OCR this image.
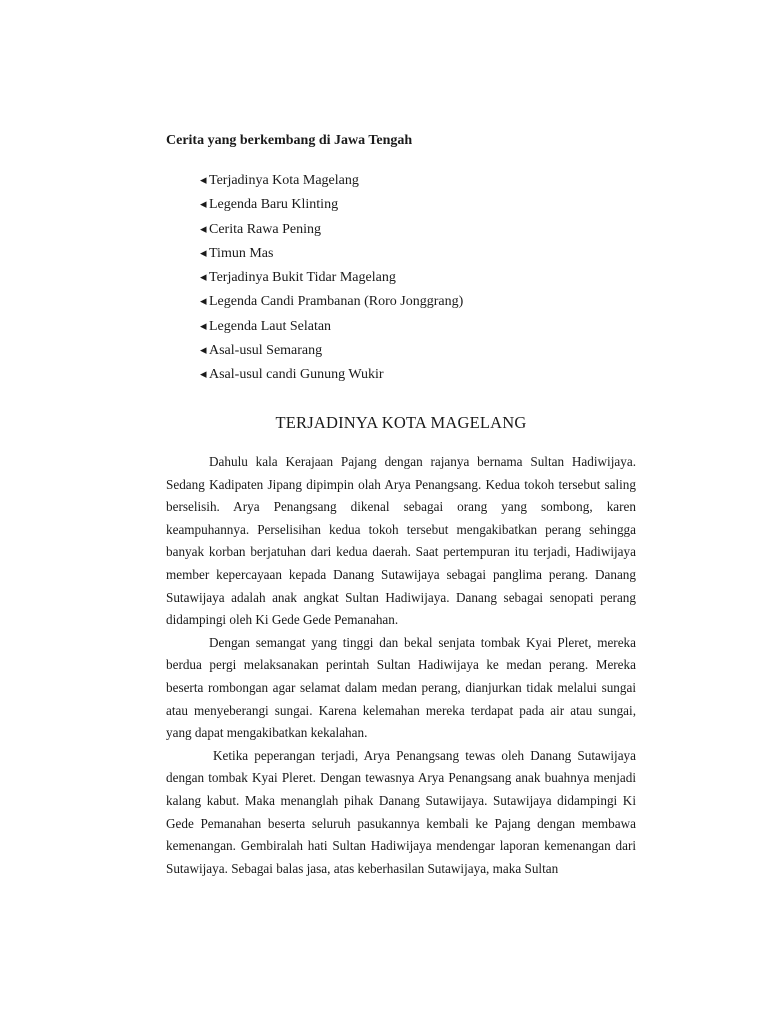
Cerita yang berkembang di Jawa Tengah
◂ Terjadinya Kota Magelang
◂ Legenda Baru Klinting
◂ Cerita Rawa Pening
◂ Timun Mas
◂ Terjadinya Bukit Tidar Magelang
◂ Legenda Candi Prambanan (Roro Jonggrang)
◂ Legenda Laut Selatan
◂ Asal-usul Semarang
◂ Asal-usul candi Gunung Wukir
TERJADINYA KOTA MAGELANG

Dahulu kala Kerajaan Pajang dengan rajanya bernama Sultan Hadiwijaya. Sedang Kadipaten Jipang dipimpin olah Arya Penangsang. Kedua tokoh tersebut saling berselisih. Arya Penangsang dikenal sebagai orang yang sombong, karen keampuhannya. Perselisihan kedua tokoh tersebut mengakibatkan perang sehingga banyak korban berjatuhan dari kedua daerah. Saat pertempuran itu terjadi, Hadiwijaya member kepercayaan kepada Danang Sutawijaya sebagai panglima perang. Danang Sutawijaya adalah anak angkat Sultan Hadiwijaya. Danang sebagai senopati perang didampingi oleh Ki Gede Gede Pemanahan.

Dengan semangat yang tinggi dan bekal senjata tombak Kyai Pleret, mereka berdua pergi melaksanakan perintah Sultan Hadiwijaya ke medan perang. Mereka beserta rombongan agar selamat dalam medan perang, dianjurkan tidak melalui sungai atau menyeberangi sungai. Karena kelemahan mereka terdapat pada air atau sungai, yang dapat mengakibatkan kekalahan.

Ketika peperangan terjadi, Arya Penangsang tewas oleh Danang Sutawijaya dengan tombak Kyai Pleret. Dengan tewasnya Arya Penangsang anak buahnya menjadi kalang kabut. Maka menanglah pihak Danang Sutawijaya. Sutawijaya didampingi Ki Gede Pemanahan beserta seluruh pasukannya kembali ke Pajang dengan membawa kemenangan. Gembiralah hati Sultan Hadiwijaya mendengar laporan kemenangan dari Sutawijaya. Sebagai balas jasa, atas keberhasilan Sutawijaya, maka Sultan
